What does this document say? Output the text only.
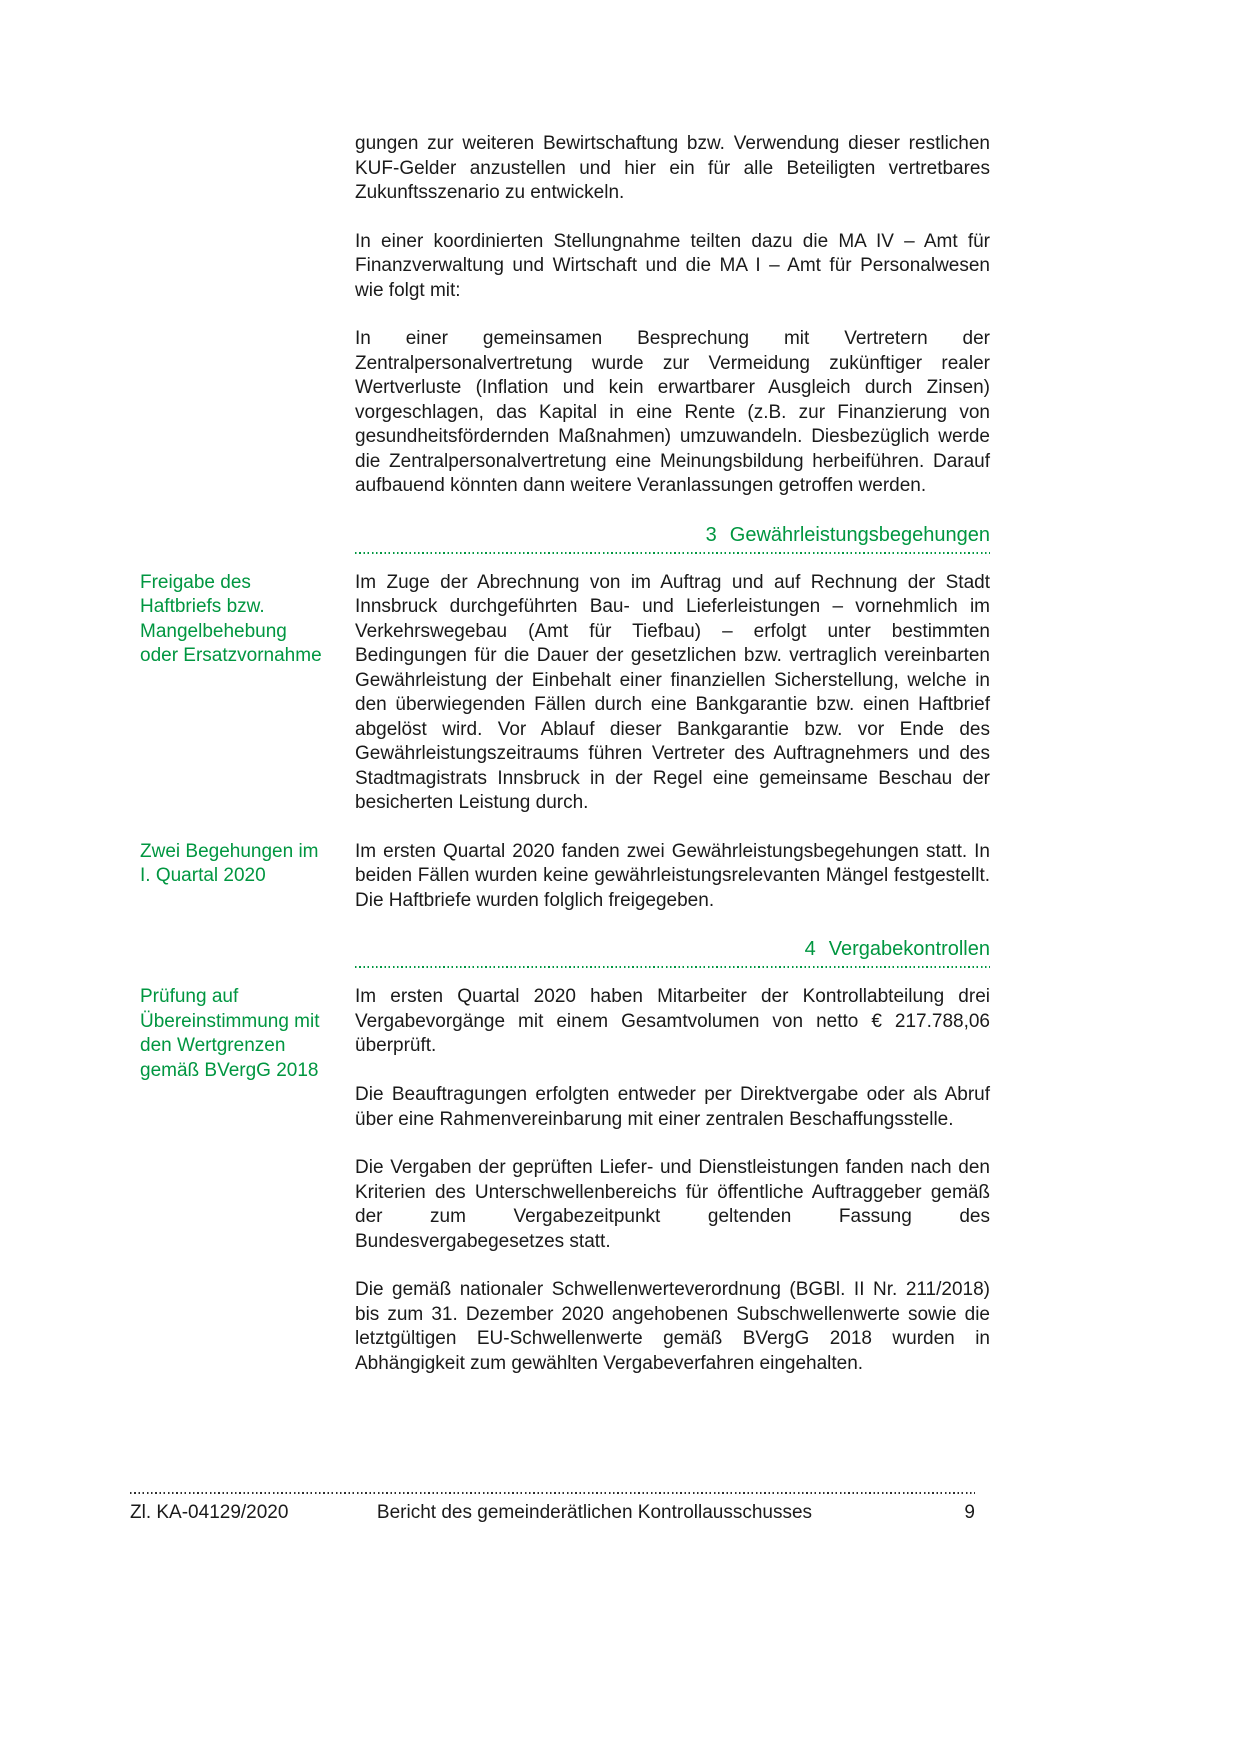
gungen zur weiteren Bewirtschaftung bzw. Verwendung dieser restlichen KUF-Gelder anzustellen und hier ein für alle Beteiligten vertretbares Zukunftsszenario zu entwickeln.

In einer koordinierten Stellungnahme teilten dazu die MA IV – Amt für Finanzverwaltung und Wirtschaft und die MA I – Amt für Personalwesen wie folgt mit:

In einer gemeinsamen Besprechung mit Vertretern der Zentralpersonalvertretung wurde zur Vermeidung zukünftiger realer Wertverluste (Inflation und kein erwartbarer Ausgleich durch Zinsen) vorgeschlagen, das Kapital in eine Rente (z.B. zur Finanzierung von gesundheitsfördernden Maßnahmen) umzuwandeln. Diesbezüglich werde die Zentralpersonalvertretung eine Meinungsbildung herbeiführen. Darauf aufbauend könnten dann weitere Veranlassungen getroffen werden.

3 Gewährleistungsbegehungen
Freigabe des Haftbriefs bzw. Mangelbehebung oder Ersatzvornahme

Im Zuge der Abrechnung von im Auftrag und auf Rechnung der Stadt Innsbruck durchgeführten Bau- und Lieferleistungen – vornehmlich im Verkehrswegebau (Amt für Tiefbau) – erfolgt unter bestimmten Bedingungen für die Dauer der gesetzlichen bzw. vertraglich vereinbarten Gewährleistung der Einbehalt einer finanziellen Sicherstellung, welche in den überwiegenden Fällen durch eine Bankgarantie bzw. einen Haftbrief abgelöst wird. Vor Ablauf dieser Bankgarantie bzw. vor Ende des Gewährleistungszeitraums führen Vertreter des Auftragnehmers und des Stadtmagistrats Innsbruck in der Regel eine gemeinsame Beschau der besicherten Leistung durch.

Zwei Begehungen im I. Quartal 2020

Im ersten Quartal 2020 fanden zwei Gewährleistungsbegehungen statt. In beiden Fällen wurden keine gewährleistungsrelevanten Mängel festgestellt. Die Haftbriefe wurden folglich freigegeben.

4 Vergabekontrollen
Prüfung auf Übereinstimmung mit den Wertgrenzen gemäß BVergG 2018

Im ersten Quartal 2020 haben Mitarbeiter der Kontrollabteilung drei Vergabevorgänge mit einem Gesamtvolumen von netto € 217.788,06 überprüft.

Die Beauftragungen erfolgten entweder per Direktvergabe oder als Abruf über eine Rahmenvereinbarung mit einer zentralen Beschaffungsstelle.

Die Vergaben der geprüften Liefer- und Dienstleistungen fanden nach den Kriterien des Unterschwellenbereichs für öffentliche Auftraggeber gemäß der zum Vergabezeitpunkt geltenden Fassung des Bundesvergabegesetzes statt.

Die gemäß nationaler Schwellenwerteverordnung (BGBl. II Nr. 211/2018) bis zum 31. Dezember 2020 angehobenen Subschwellenwerte sowie die letztgültigen EU-Schwellenwerte gemäß BVergG 2018 wurden in Abhängigkeit zum gewählten Vergabeverfahren eingehalten.

Zl. KA-04129/2020	Bericht des gemeinderätlichen Kontrollausschusses	9
